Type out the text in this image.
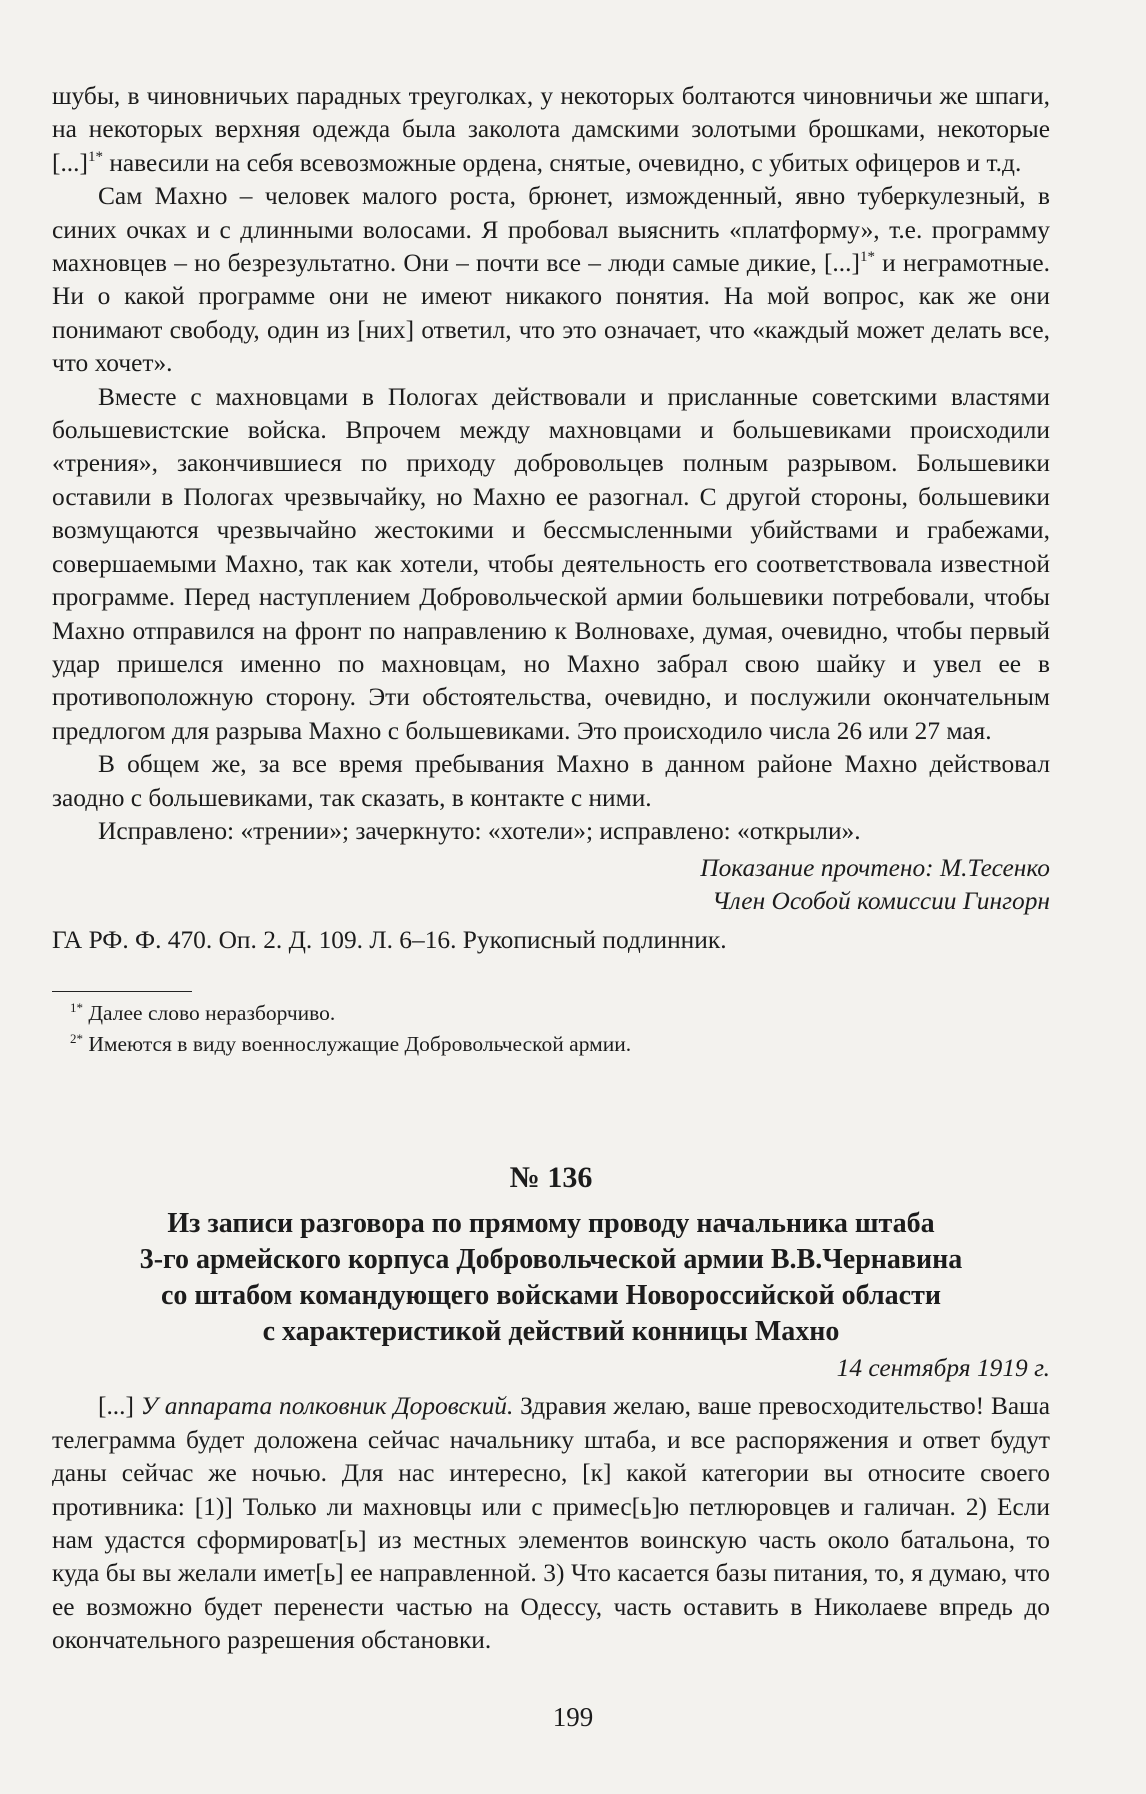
шубы, в чиновничьих парадных треуголках, у некоторых болтаются чиновничьи же шпаги, на некоторых верхняя одежда была заколота дамскими золотыми брошками, некоторые [...]$^{1*}$ навесили на себя всевозможные ордена, снятые, очевидно, с убитых офицеров и т.д.

Сам Махно – человек малого роста, брюнет, изможденный, явно туберкулезный, в синих очках и с длинными волосами. Я пробовал выяснить «платформу», т.е. программу махновцев – но безрезультатно. Они – почти все – люди самые дикие, [...]$^{1*}$ и неграмотные. Ни о какой программе они не имеют никакого понятия. На мой вопрос, как же они понимают свободу, один из [них] ответил, что это означает, что «каждый может делать все, что хочет».

Вместе с махновцами в Пологах действовали и присланные советскими властями большевистские войска. Впрочем между махновцами и большевиками происходили «трения», закончившиеся по приходу добровольцев полным разрывом. Большевики оставили в Пологах чрезвычайку, но Махно ее разогнал. С другой стороны, большевики возмущаются чрезвычайно жестокими и бессмысленными убийствами и грабежами, совершаемыми Махно, так как хотели, чтобы деятельность его соответствовала известной программе. Перед наступлением Добровольческой армии большевики потребовали, чтобы Махно отправился на фронт по направлению к Волновахе, думая, очевидно, чтобы первый удар пришелся именно по махновцам, но Махно забрал свою шайку и увел ее в противоположную сторону. Эти обстоятельства, очевидно, и послужили окончательным предлогом для разрыва Махно с большевиками. Это происходило числа 26 или 27 мая.

В общем же, за все время пребывания Махно в данном районе Махно действовал заодно с большевиками, так сказать, в контакте с ними.

Исправлено: «трении»; зачеркнуто: «хотели»; исправлено: «открыли».

Показание прочтено: М.Тесенко
Член Особой комиссии Гингорн
ГА РФ. Ф. 470. Оп. 2. Д. 109. Л. 6–16. Рукописный подлинник.
$^{1*}$ Далее слово неразборчиво.
$^{2*}$ Имеются в виду военнослужащие Добровольческой армии.
№ 136
Из записи разговора по прямому проводу начальника штаба
3-го армейского корпуса Добровольческой армии В.В.Чернавина
со штабом командующего войсками Новороссийской области
с характеристикой действий конницы Махно
14 сентября 1919 г.

[...] У аппарата полковник Доровский. Здравия желаю, ваше превосходительство! Ваша телеграмма будет доложена сейчас начальнику штаба, и все распоряжения и ответ будут даны сейчас же ночью. Для нас интересно, [к] какой категории вы относите своего противника: [1)] Только ли махновцы или с примес[ь]ю петлюровцев и галичан. 2) Если нам удастся сформироват[ь] из местных элементов воинскую часть около батальона, то куда бы вы желали имет[ь] ее направленной. 3) Что касается базы питания, то, я думаю, что ее возможно будет перенести частью на Одессу, часть оставить в Николаеве впредь до окончательного разрешения обстановки.

199
